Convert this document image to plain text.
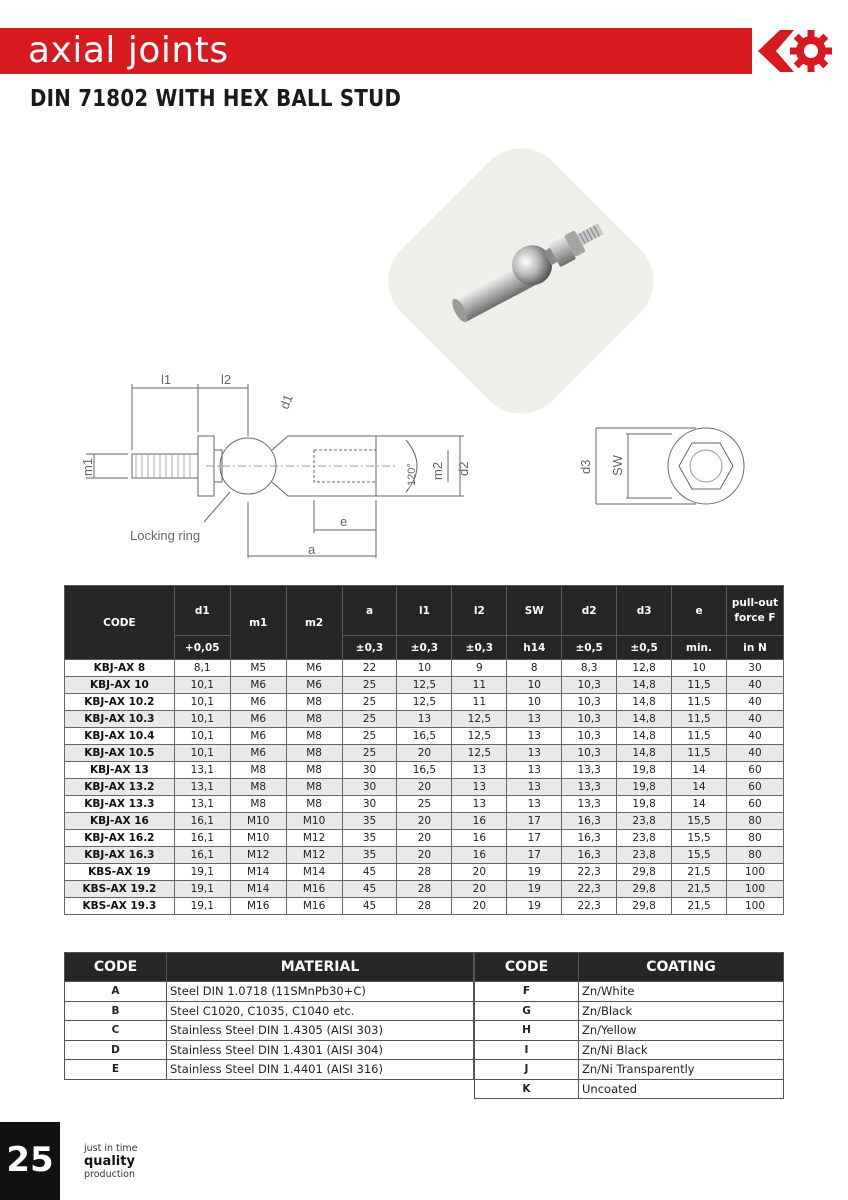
axial joints
DIN 71802 WITH HEX BALL STUD
l1	l2
d1
m1	m2 d2
120°
e
a
Locking ring
d3 SW
CODE	d1	m1	m2	a	l1	l2	SW	d2	d3	e	pull-out force F
	+0,05			±0,3	±0,3	±0,3	h14	±0,5	±0,5	min.	in N
KBJ-AX 8	8,1	M5	M6	22	10	9	8	8,3	12,8	10	30
KBJ-AX 10	10,1	M6	M6	25	12,5	11	10	10,3	14,8	11,5	40
KBJ-AX 10.2	10,1	M6	M8	25	12,5	11	10	10,3	14,8	11,5	40
KBJ-AX 10.3	10,1	M6	M8	25	13	12,5	13	10,3	14,8	11,5	40
KBJ-AX 10.4	10,1	M6	M8	25	16,5	12,5	13	10,3	14,8	11,5	40
KBJ-AX 10.5	10,1	M6	M8	25	20	12,5	13	10,3	14,8	11,5	40
KBJ-AX 13	13,1	M8	M8	30	16,5	13	13	13,3	19,8	14	60
KBJ-AX 13.2	13,1	M8	M8	30	20	13	13	13,3	19,8	14	60
KBJ-AX 13.3	13,1	M8	M8	30	25	13	13	13,3	19,8	14	60
KBJ-AX 16	16,1	M10	M10	35	20	16	17	16,3	23,8	15,5	80
KBJ-AX 16.2	16,1	M10	M12	35	20	16	17	16,3	23,8	15,5	80
KBJ-AX 16.3	16,1	M12	M12	35	20	16	17	16,3	23,8	15,5	80
KBS-AX 19	19,1	M14	M14	45	28	20	19	22,3	29,8	21,5	100
KBS-AX 19.2	19,1	M14	M16	45	28	20	19	22,3	29,8	21,5	100
KBS-AX 19.3	19,1	M16	M16	45	28	20	19	22,3	29,8	21,5	100
CODE	MATERIAL
A	Steel DIN 1.0718 (11SMnPb30+C)
B	Steel C1020, C1035, C1040 etc.
C	Stainless Steel DIN 1.4305 (AISI 303)
D	Stainless Steel DIN 1.4301 (AISI 304)
E	Stainless Steel DIN 1.4401 (AISI 316)
CODE	COATING
F	Zn/White
G	Zn/Black
H	Zn/Yellow
I	Zn/Ni Black
J	Zn/Ni Transparently
K	Uncoated
25	just in time
quality
production
